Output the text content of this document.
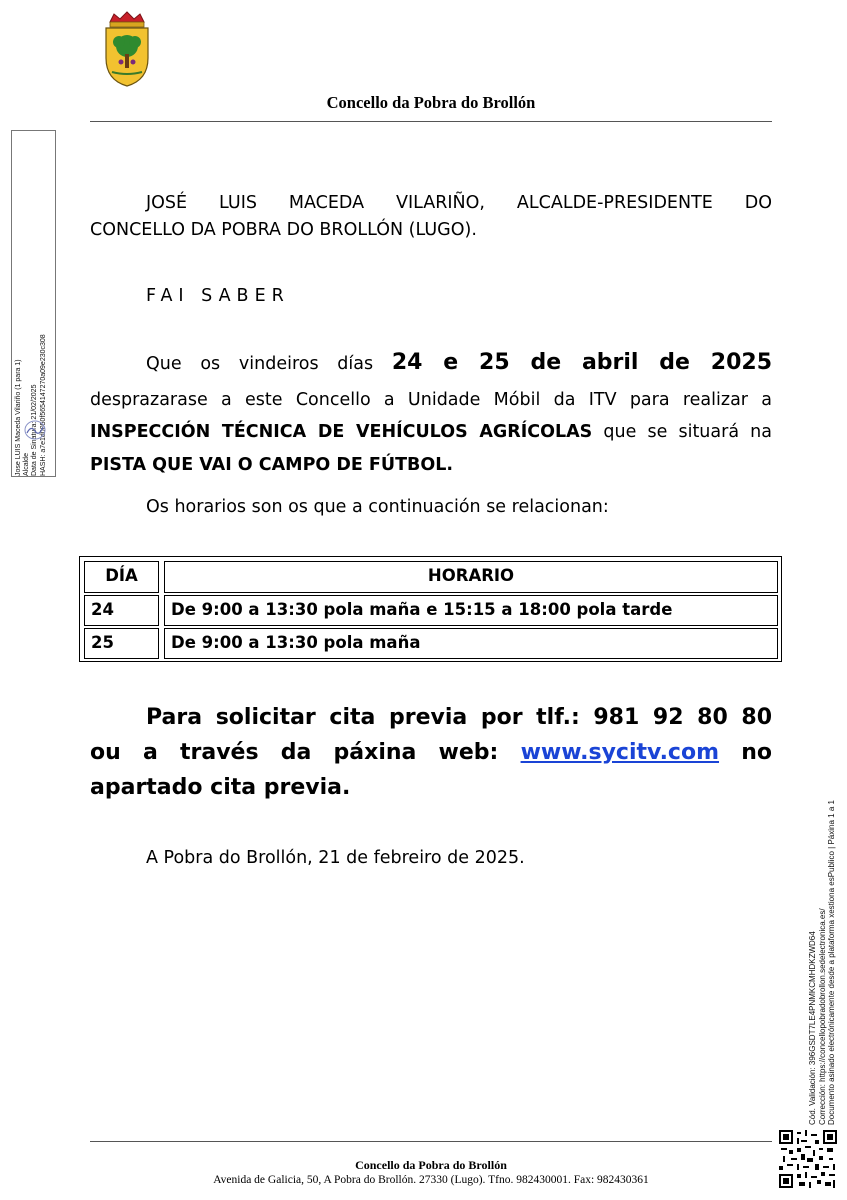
Concello da Pobra do Brollón
Jose LUIS Maceda Vilariño (1 para 1) Alcalde Data de Sinatura: 21/02/2025 HASH: a7e1d0050f5654147270a09e230c308
JOSÉ LUIS MACEDA VILARIÑO, ALCALDE-PRESIDENTE DO
CONCELLO DA POBRA DO BROLLÓN (LUGO).
FAI SABER
Que os vindeiros días 24 e 25 de abril de 2025
desprazarase a este Concello a Unidade Móbil da ITV para realizar a
INSPECCIÓN TÉCNICA DE VEHÍCULOS AGRÍCOLAS que se situará na
PISTA QUE VAI O CAMPO DE FÚTBOL.
Os horarios son os que a continuación se relacionan:
DÍA	HORARIO
24	De 9:00 a 13:30 pola maña e 15:15 a 18:00 pola tarde
25	De 9:00 a 13:30 pola maña
Para solicitar cita previa por tlf.: 981 92 80 80
ou a través da páxina web: www.sycitv.com no
apartado cita previa.
A Pobra do Brollón, 21 de febreiro de 2025.
Concello da Pobra do Brollón
Avenida de Galicia, 50, A Pobra do Brollón. 27330 (Lugo). Tfno. 982430001. Fax: 982430361
Cód. Validación: 396GSDT7LE4PNMKCMHDKZWD64 Corrección: https://concellopobradobrollon.sedelectronica.es/ Documento asinado electrónicamente desde a plataforma xestiona esPublico | Páxina 1 a 1
